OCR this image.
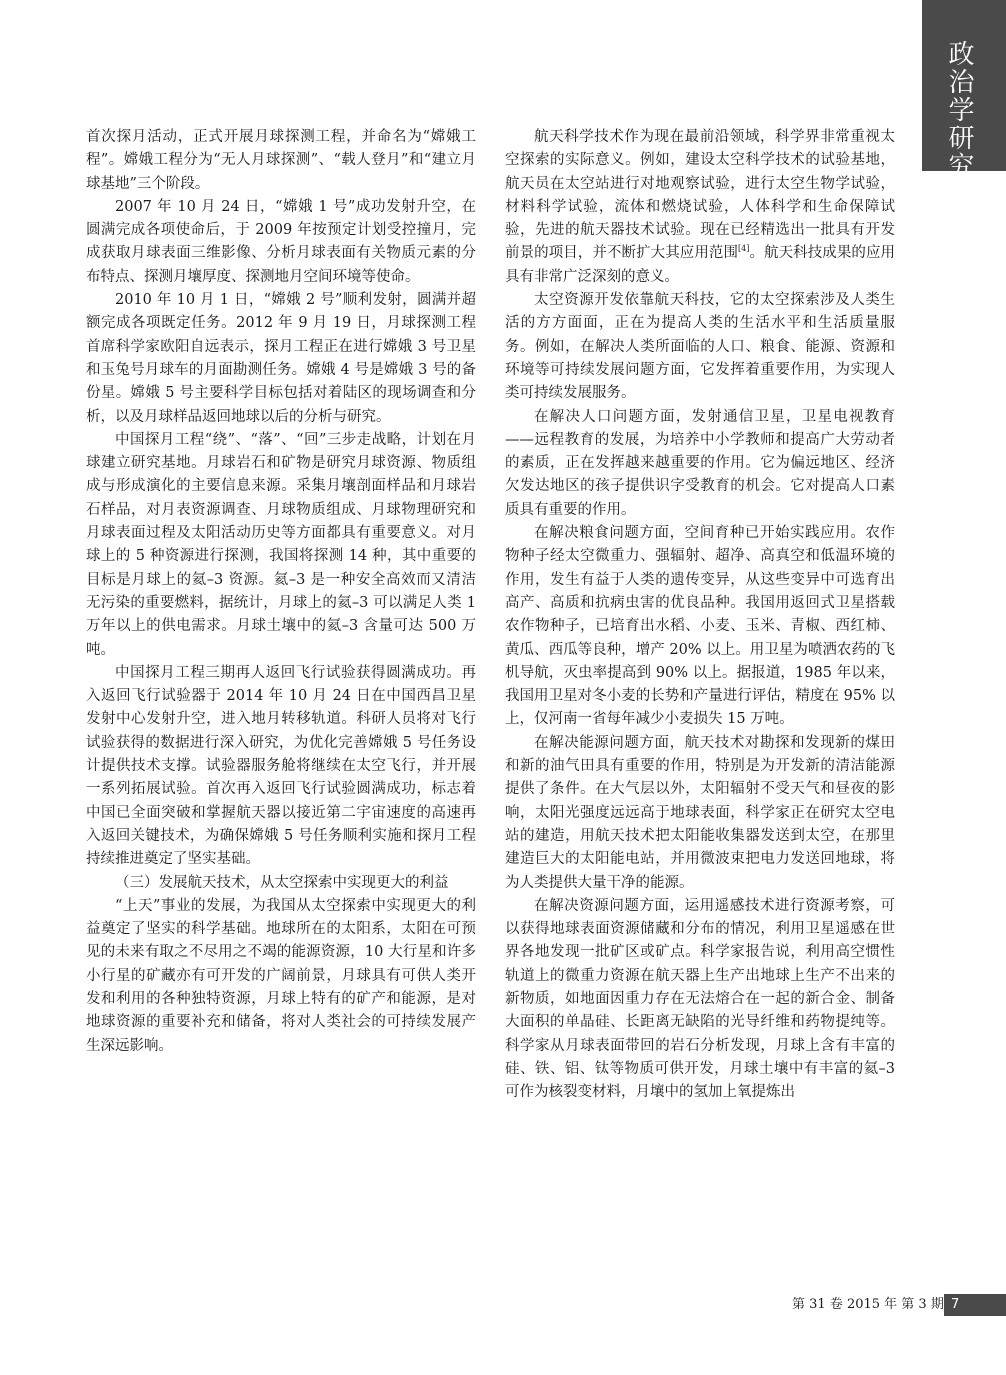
政治学研究

首次探月活动，正式开展月球探测工程，并命名为“嫦娥工程”。嫦娥工程分为“无人月球探测”、“载人登月”和“建立月球基地”三个阶段。

2007 年 10 月 24 日，“嫦娥 1 号”成功发射升空，在圆满完成各项使命后，于 2009 年按预定计划受控撞月，完成获取月球表面三维影像、分析月球表面有关物质元素的分布特点、探测月壤厚度、探测地月空间环境等使命。

2010 年 10 月 1 日，“嫦娥 2 号”顺利发射，圆满并超额完成各项既定任务。2012 年 9 月 19 日，月球探测工程首席科学家欧阳自远表示，探月工程正在进行嫦娥 3 号卫星和玉兔号月球车的月面勘测任务。嫦娥 4 号是嫦娥 3 号的备份星。嫦娥 5 号主要科学目标包括对着陆区的现场调查和分析，以及月球样品返回地球以后的分析与研究。

中国探月工程“绕”、“落”、“回”三步走战略，计划在月球建立研究基地。月球岩石和矿物是研究月球资源、物质组成与形成演化的主要信息来源。采集月壤剖面样品和月球岩石样品，对月表资源调查、月球物质组成、月球物理研究和月球表面过程及太阳活动历史等方面都具有重要意义。对月球上的 5 种资源进行探测，我国将探测 14 种，其中重要的目标是月球上的氦–3 资源。氦–3 是一种安全高效而又清洁无污染的重要燃料，据统计，月球上的氦–3 可以满足人类 1 万年以上的供电需求。月球土壤中的氦–3 含量可达 500 万吨。

中国探月工程三期再人返回飞行试验获得圆满成功。再入返回飞行试验器于 2014 年 10 月 24 日在中国西昌卫星发射中心发射升空，进入地月转移轨道。科研人员将对飞行试验获得的数据进行深入研究，为优化完善嫦娥 5 号任务设计提供技术支撑。试验器服务舱将继续在太空飞行，并开展一系列拓展试验。首次再入返回飞行试验圆满成功，标志着中国已全面突破和掌握航天器以接近第二宇宙速度的高速再入返回关键技术，为确保嫦娥 5 号任务顺利实施和探月工程持续推进奠定了坚实基础。

（三）发展航天技术，从太空探索中实现更大的利益

“上天”事业的发展，为我国从太空探索中实现更大的利益奠定了坚实的科学基础。地球所在的太阳系，太阳在可预见的未来有取之不尽用之不竭的能源资源，10 大行星和许多小行星的矿藏亦有可开发的广阔前景，月球具有可供人类开发和利用的各种独特资源，月球上特有的矿产和能源，是对地球资源的重要补充和储备，将对人类社会的可持续发展产生深远影响。

航天科学技术作为现在最前沿领域，科学界非常重视太空探索的实际意义。例如，建设太空科学技术的试验基地，航天员在太空站进行对地观察试验，进行太空生物学试验，材料科学试验，流体和燃烧试验，人体科学和生命保障试验，先进的航天器技术试验。现在已经精选出一批具有开发前景的项目，并不断扩大其应用范围[4]。航天科技成果的应用具有非常广泛深刻的意义。

太空资源开发依靠航天科技，它的太空探索涉及人类生活的方方面面，正在为提高人类的生活水平和生活质量服务。例如，在解决人类所面临的人口、粮食、能源、资源和环境等可持续发展问题方面，它发挥着重要作用，为实现人类可持续发展服务。

在解决人口问题方面，发射通信卫星，卫星电视教育——远程教育的发展，为培养中小学教师和提高广大劳动者的素质，正在发挥越来越重要的作用。它为偏远地区、经济欠发达地区的孩子提供识字受教育的机会。它对提高人口素质具有重要的作用。

在解决粮食问题方面，空间育种已开始实践应用。农作物种子经太空微重力、强辐射、超净、高真空和低温环境的作用，发生有益于人类的遗传变异，从这些变异中可选育出高产、高质和抗病虫害的优良品种。我国用返回式卫星搭载农作物种子，已培育出水稻、小麦、玉米、青椒、西红柿、黄瓜、西瓜等良种，增产 20% 以上。用卫星为喷洒农药的飞机导航，灭虫率提高到 90% 以上。据报道，1985 年以来，我国用卫星对冬小麦的长势和产量进行评估，精度在 95% 以上，仅河南一省每年减少小麦损失 15 万吨。

在解决能源问题方面，航天技术对勘探和发现新的煤田和新的油气田具有重要的作用，特别是为开发新的清洁能源提供了条件。在大气层以外，太阳辐射不受天气和昼夜的影响，太阳光强度远远高于地球表面，科学家正在研究太空电站的建造，用航天技术把太阳能收集器发送到太空，在那里建造巨大的太阳能电站，并用微波束把电力发送回地球，将为人类提供大量干净的能源。

在解决资源问题方面，运用遥感技术进行资源考察，可以获得地球表面资源储藏和分布的情况，利用卫星遥感在世界各地发现一批矿区或矿点。科学家报告说，利用高空惯性轨道上的微重力资源在航天器上生产出地球上生产不出来的新物质，如地面因重力存在无法熔合在一起的新合金、制备大面积的单晶硅、长距离无缺陷的光导纤维和药物提纯等。科学家从月球表面带回的岩石分析发现，月球上含有丰富的硅、铁、铝、钛等物质可供开发，月球土壤中有丰富的氦–3 可作为核裂变材料，月壤中的氢加上氧提炼出

第 31 卷 2015 年 第 3 期 7
